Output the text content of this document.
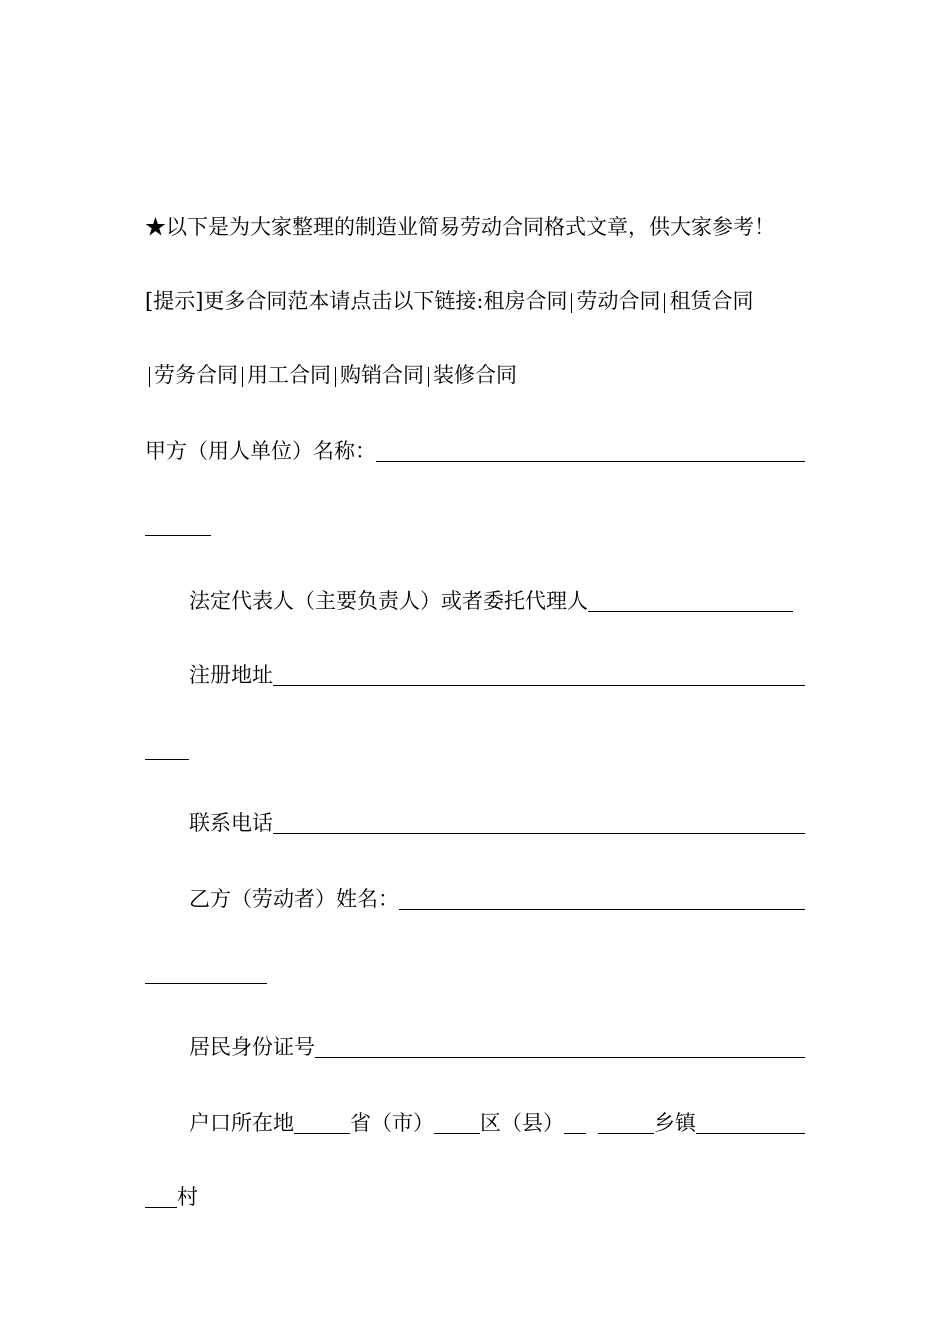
★以下是为大家整理的制造业简易劳动合同格式文章，供大家参考！
[提示]更多合同范本请点击以下链接: 租房合同 劳动合同 租赁合同
劳务合同 用工合同 购销合同 装修合同
甲方（用人单位）名称：
法定代表人（主要负责人）或者委托代理人
注册地址
联系电话
乙方（劳动者）姓名：
居民身份证号
户口所在地	省（市） 区（县）	乡镇
村
